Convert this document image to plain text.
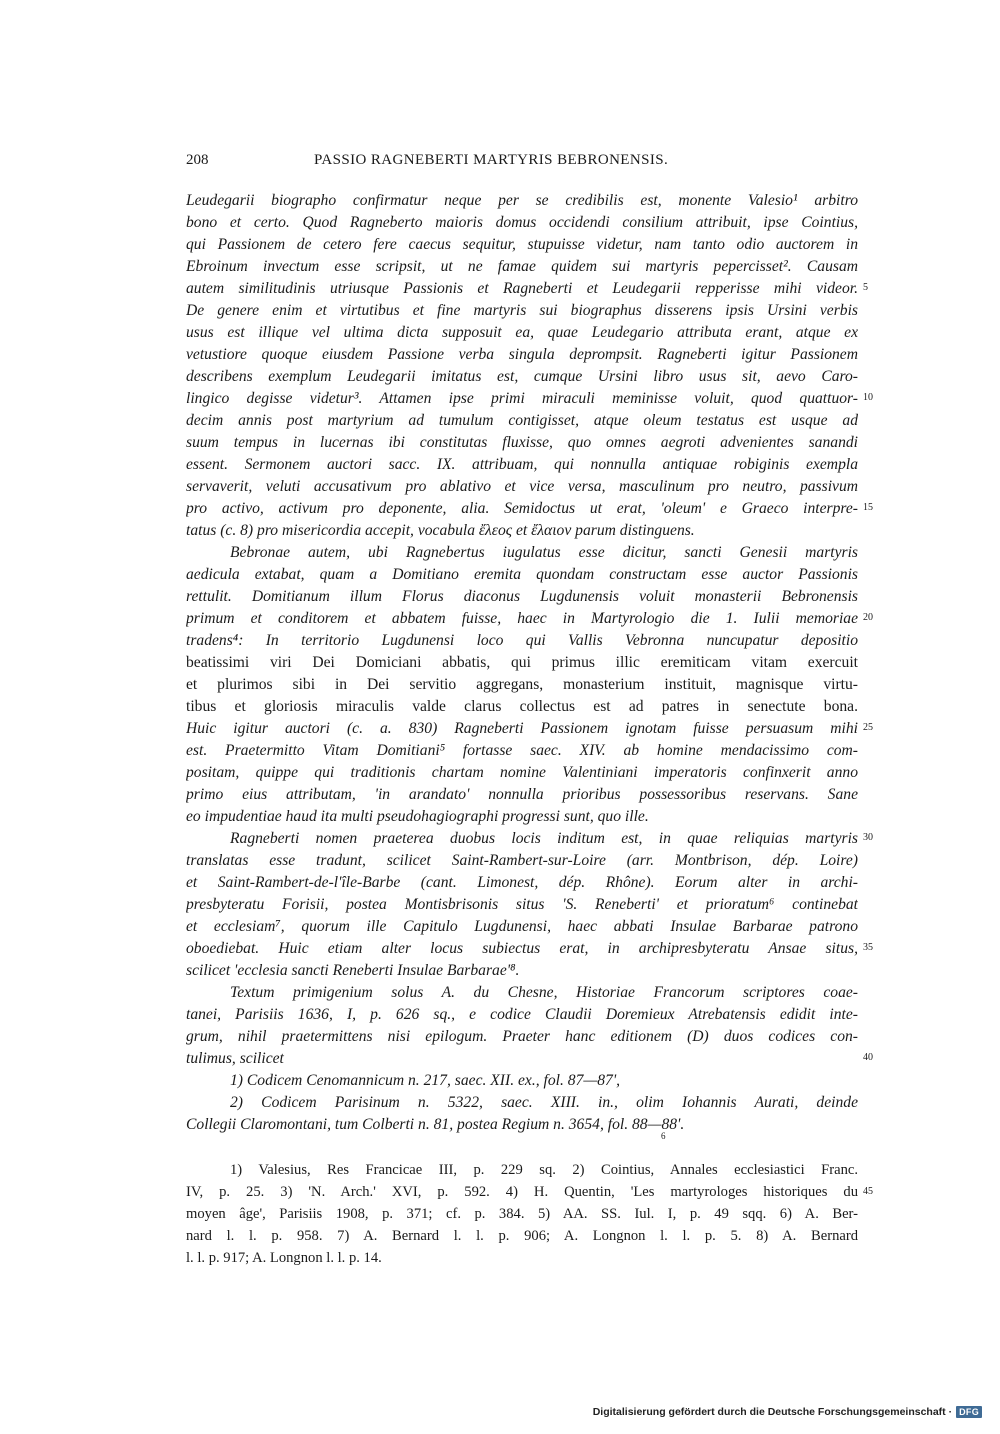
208	PASSIO RAGNEBERTI MARTYRIS BEBRONENSIS.
Leudegarii biographo confirmatur neque per se credibilis est, monente Valesio¹ arbitro
bono et certo. Quod Ragneberto maioris domus occidendi consilium attribuit, ipse Cointius,
qui Passionem de cetero fere caecus sequitur, stupuisse videtur, nam tanto odio auctorem in
Ebroinum invectum esse scripsit, ut ne famae quidem sui martyris pepercisset². Causam
autem similitudinis utriusque Passionis et Ragneberti et Leudegarii repperisse mihi videor.
De genere enim et virtutibus et fine martyris sui biographus disserens ipsis Ursini verbis
usus est illique vel ultima dicta supposuit ea, quae Leudegario attributa erant, atque ex
vetustiore quoque eiusdem Passione verba singula deprompsit. Ragneberti igitur Passionem
describens exemplum Leudegarii imitatus est, cumque Ursini libro usus sit, aevo Caro-
lingico degisse videtur³. Attamen ipse primi miraculi meminisse voluit, quod quattuor-
decim annis post martyrium ad tumulum contigisset, atque oleum testatus est usque ad
suum tempus in lucernas ibi constitutas fluxisse, quo omnes aegroti advenientes sanandi
essent. Sermonem auctori sacc. IX. attribuam, qui nonnulla antiquae robiginis exempla
servaverit, veluti accusativum pro ablativo et vice versa, masculinum pro neutro, passivum
pro activo, activum pro deponente, alia. Semidoctus ut erat, 'oleum' e Graeco interpre-
tatus (c. 8) pro misericordia accepit, vocabula ἔλεος et ἔλαιον parum distinguens.
Bebronae autem, ubi Ragnebertus iugulatus esse dicitur, sancti Genesii martyris
aedicula extabat, quam a Domitiano eremita quondam constructam esse auctor Passionis
rettulit. Domitianum illum Florus diaconus Lugdunensis voluit monasterii Bebronensis
primum et conditorem et abbatem fuisse, haec in Martyrologio die 1. Iulii memoriae
tradens⁴: In territorio Lugdunensi loco qui Vallis Vebronna nuncupatur depositio
beatissimi viri Dei Domiciani abbatis, qui primus illic eremiticam vitam exercuit
et plurimos sibi in Dei servitio aggregans, monasterium instituit, magnisque virtu-
tibus et gloriosis miraculis valde clarus collectus est ad patres in senectute bona.
Huic igitur auctori (c. a. 830) Ragneberti Passionem ignotam fuisse persuasum mihi
est. Praetermitto Vitam Domitiani⁵ fortasse saec. XIV. ab homine mendacissimo com-
positam, quippe qui traditionis chartam nomine Valentiniani imperatoris confinxerit anno
primo eius attributam, 'in arandato' nonnulla prioribus possessoribus reservans. Sane
eo impudentiae haud ita multi pseudohagiographi progressi sunt, quo ille.
Ragneberti nomen praeterea duobus locis inditum est, in quae reliquias martyris
translatas esse tradunt, scilicet Saint-Rambert-sur-Loire (arr. Montbrison, dép. Loire)
et Saint-Rambert-de-l'île-Barbe (cant. Limonest, dép. Rhône). Eorum alter in archi-
presbyteratu Forisii, postea Montisbrisonis situs 'S. Reneberti' et prioratum⁶ continebat
et ecclesiam⁷, quorum ille Capitulo Lugdunensi, haec abbati Insulae Barbarae patrono
oboediebat. Huic etiam alter locus subiectus erat, in archipresbyteratu Ansae situs,
scilicet 'ecclesia sancti Reneberti Insulae Barbarae'⁸.
Textum primigenium solus A. du Chesne, Historiae Francorum scriptores coae-
tanei, Parisiis 1636, I, p. 626 sq., e codice Claudii Doremieux Atrebatensis edidit inte-
grum, nihil praetermittens nisi epilogum. Praeter hanc editionem (D) duos codices con-
tulimus, scilicet
1) Codicem Cenomannicum n. 217, saec. XII. ex., fol. 87—87',
2) Codicem Parisinum n. 5322, saec. XIII. in., olim Iohannis Aurati, deinde
Collegii Claromontani, tum Colberti n. 81, postea Regium n. 3654, fol. 88—88'.
6
5
10
15
20
25
30
35
40
45
1) Valesius, Res Francicae III, p. 229 sq. 2) Cointius, Annales ecclesiastici Franc.
IV, p. 25. 3) 'N. Arch.' XVI, p. 592. 4) H. Quentin, 'Les martyrologes historiques du
moyen âge', Parisiis 1908, p. 371; cf. p. 384. 5) AA. SS. Iul. I, p. 49 sqq. 6) A. Ber-
nard l. l. p. 958. 7) A. Bernard l. l. p. 906; A. Longnon l. l. p. 5. 8) A. Bernard
l. l. p. 917; A. Longnon l. l. p. 14.
Digitalisierung gefördert durch die Deutsche Forschungsgemeinschaft · DFG
